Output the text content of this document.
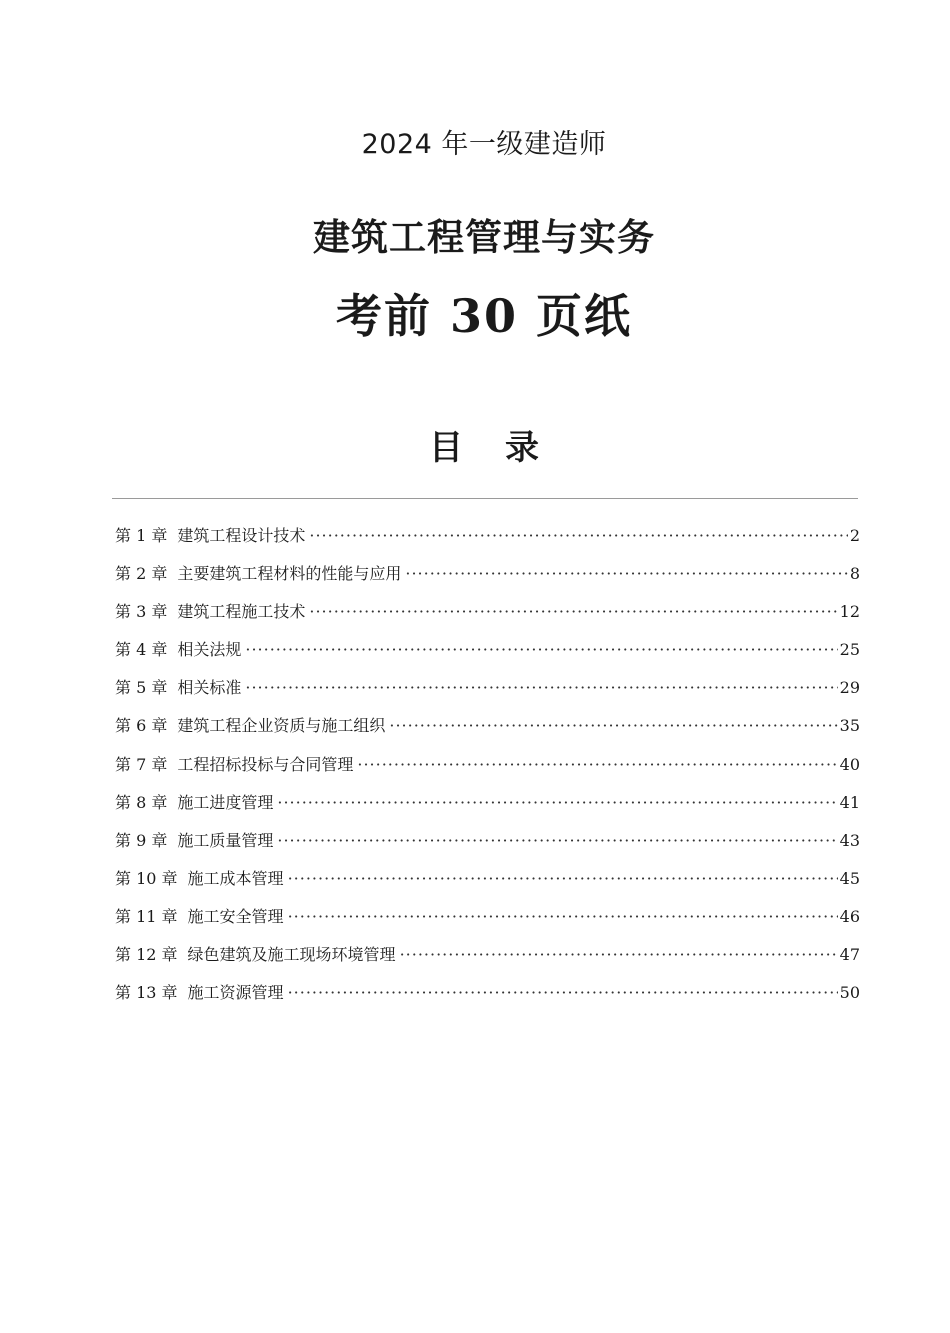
2024 年一级建造师
建筑工程管理与实务
考前 30 页纸
目录
第 1 章 建筑工程设计技术 ·····	2
第 2 章 主要建筑工程材料的性能与应用 ·····	8
第 3 章 建筑工程施工技术 ·····	12
第 4 章 相关法规 ·····	25
第 5 章 相关标准 ·····	29
第 6 章 建筑工程企业资质与施工组织 ·····	35
第 7 章 工程招标投标与合同管理 ·····	40
第 8 章 施工进度管理 ·····	41
第 9 章 施工质量管理 ·····	43
第 10 章 施工成本管理 ·····	45
第 11 章 施工安全管理 ·····	46
第 12 章 绿色建筑及施工现场环境管理 ·····	47
第 13 章 施工资源管理 ·····	50
